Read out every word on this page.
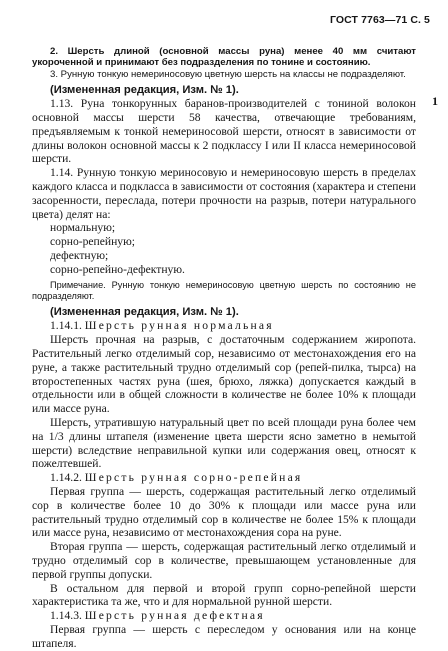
ГОСТ 7763—71 С. 5
1

2. Шерсть длиной (основной массы руна) менее 40 мм считают укороченной и принимают без подразделения по тонине и состоянию.

3. Рунную тонкую немериносовую цветную шерсть на классы не подразделяют.

(Измененная редакция, Изм. № 1).

1.13. Руна тонкорунных баранов-производителей с тониной волокон основной массы шерсти 58 качества, отвечающие требованиям, предъявляемым к тонкой немериносовой шерсти, относят в зависимости от длины волокон основной массы к 2 подклассу I или II класса немериносовой шерсти.

1.14. Рунную тонкую мериносовую и немериносовую шерсть в пределах каждого класса и подкласса в зависимости от состояния (характера и степени засоренности, переслада, потери прочности на разрыв, потери натурального цвета) делят на:

нормальную;

сорно-репейную;

дефектную;

сорно-репейно-дефектную.

Примечание. Рунную тонкую немериносовую цветную шерсть по состоянию не подразделяют.

(Измененная редакция, Изм. № 1).

1.14.1. Шерсть рунная нормальная

Шерсть прочная на разрыв, с достаточным содержанием жиропота. Растительный легко отделимый сор, независимо от местонахождения его на руне, а также растительный трудно отделимый сор (репей-пилка, тырса) на второстепенных частях руна (шея, брюхо, ляжка) допускается каждый в отдельности или в общей сложности в количестве не более 10% к площади или массе руна.

Шерсть, утратившую натуральный цвет по всей площади руна более чем на 1/3 длины штапеля (изменение цвета шерсти ясно заметно в немытой шерсти) вследствие неправильной купки или содержания овец, относят к пожелтевшей.

1.14.2. Шерсть рунная сорно-репейная

Первая группа — шерсть, содержащая растительный легко отделимый сор в количестве более 10 до 30% к площади или массе руна или растительный трудно отделимый сор в количестве не более 15% к площади или массе руна, независимо от местонахождения сора на руне.

Вторая группа — шерсть, содержащая растительный легко отделимый и трудно отделимый сор в количестве, превышающем установленные для первой группы допуски.

В остальном для первой и второй групп сорно-репейной шерсти характеристика та же, что и для нормальной рунной шерсти.

1.14.3. Шерсть рунная дефектная

Первая группа — шерсть с переследом у основания или на конце штапеля.
